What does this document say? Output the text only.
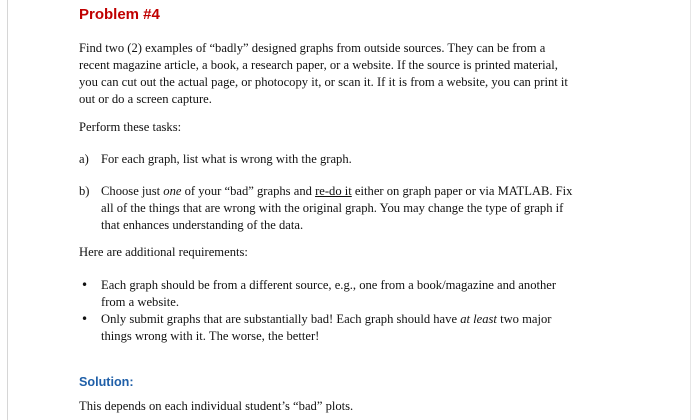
Problem #4
Find two (2) examples of “badly” designed graphs from outside sources. They can be from a
recent magazine article, a book, a research paper, or a website. If the source is printed material,
you can cut out the actual page, or photocopy it, or scan it. If it is from a website, you can print it
out or do a screen capture.
Perform these tasks:
a) For each graph, list what is wrong with the graph.
b) Choose just one of your “bad” graphs and re-do it either on graph paper or via MATLAB. Fix
all of the things that are wrong with the original graph. You may change the type of graph if
that enhances understanding of the data.
Here are additional requirements:
• Each graph should be from a different source, e.g., one from a book/magazine and another
from a website.
• Only submit graphs that are substantially bad! Each graph should have at least two major
things wrong with it. The worse, the better!
Solution:
This depends on each individual student’s “bad” plots.
